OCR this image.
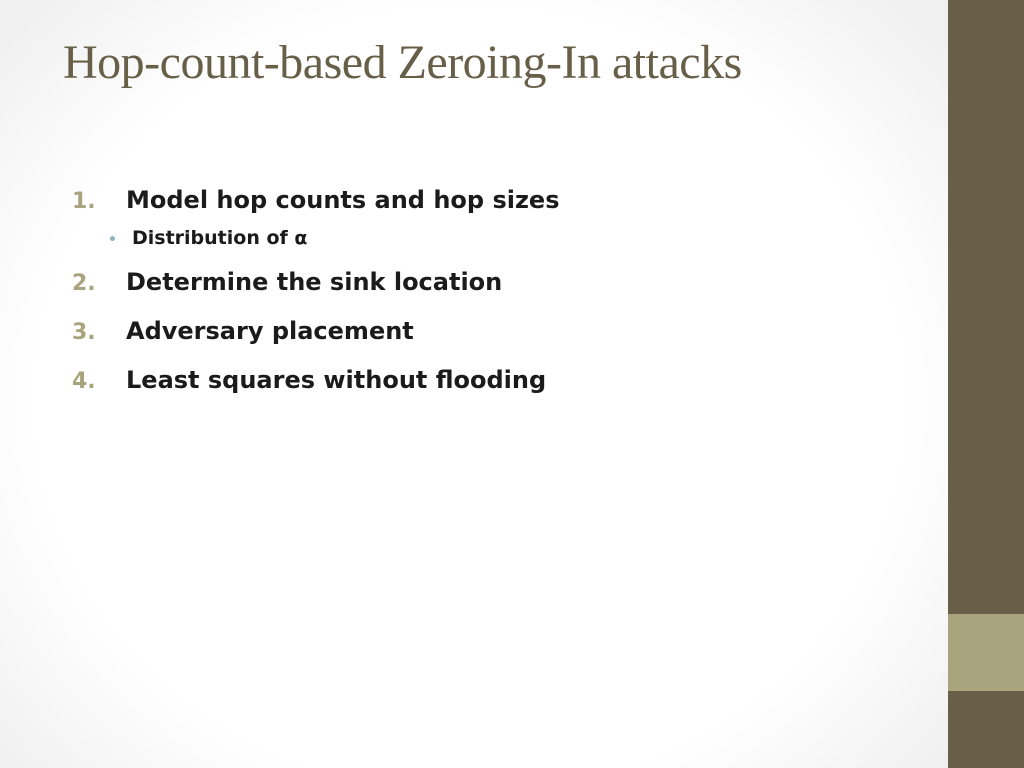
Hop-count-based Zeroing-In attacks
1.	Model hop counts and hop sizes
• Distribution of α
2.	Determine the sink location
3.	Adversary placement
4.	Least squares without flooding
